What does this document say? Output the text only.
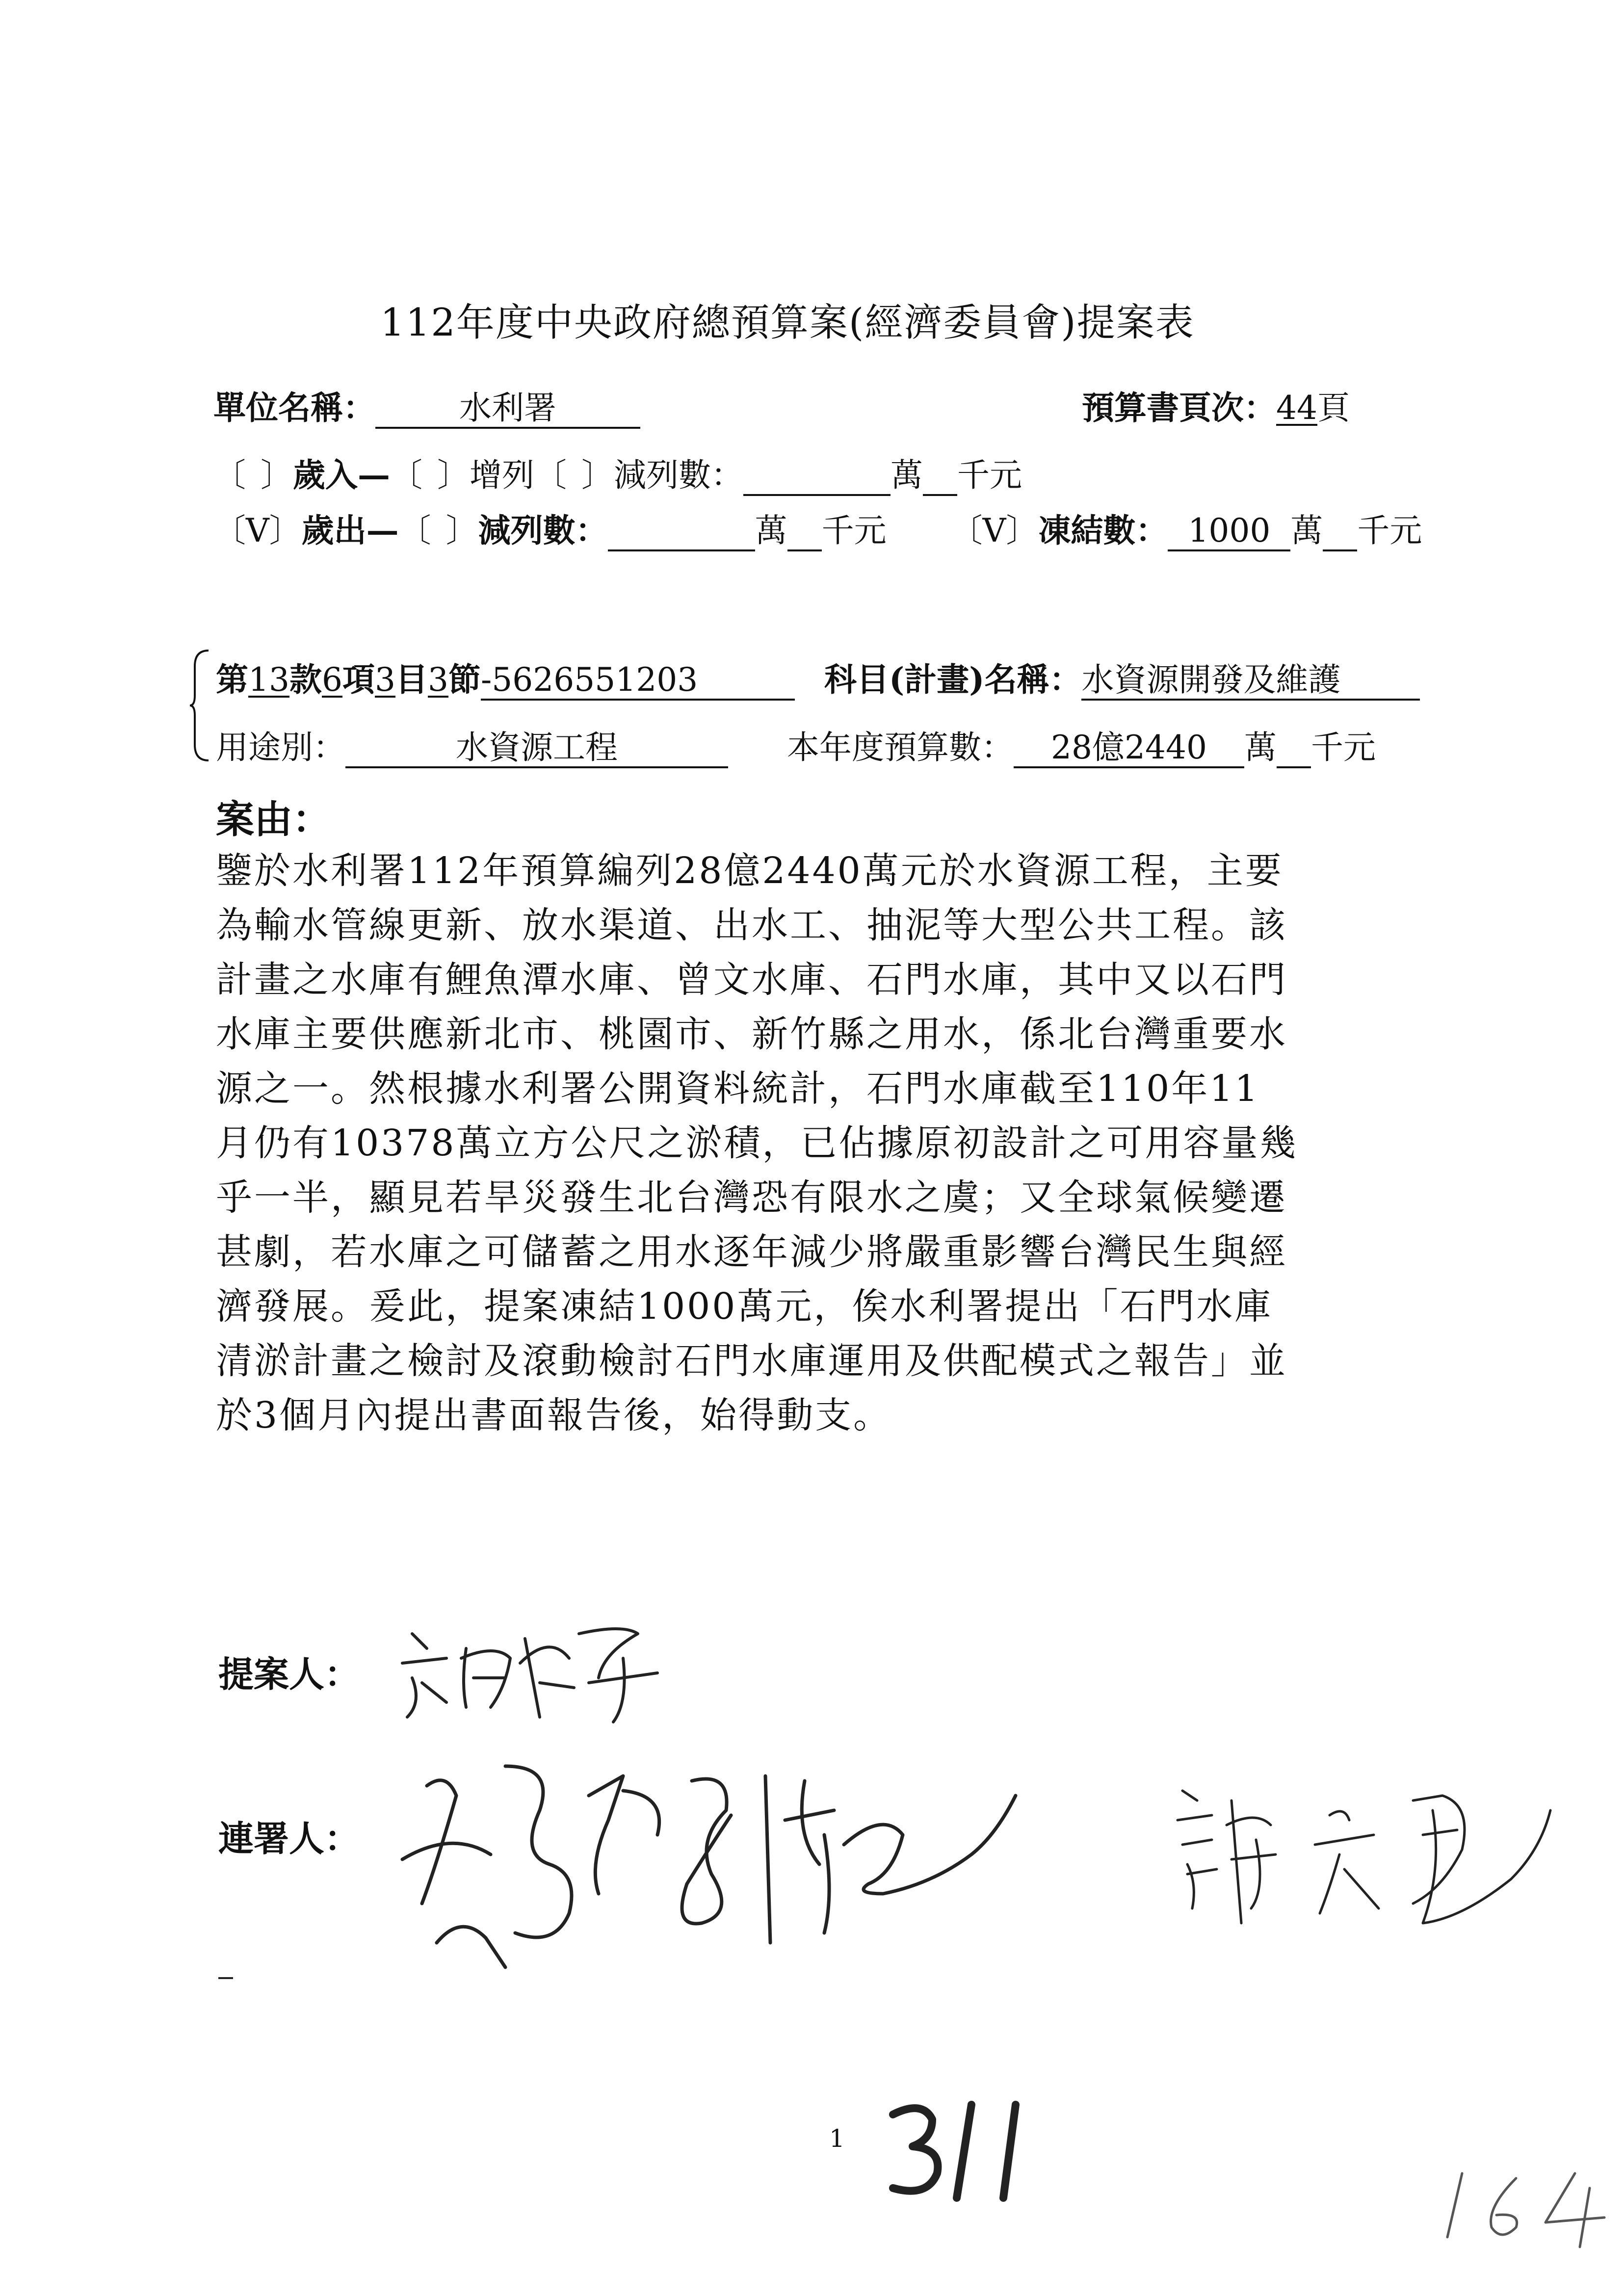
112年度中央政府總預算案(經濟委員會)提案表
單位名稱：	水利署	預算書頁次：44頁
〔 〕歲入—〔 〕增列〔 〕減列數：	萬 千元
〔V〕歲出—〔 〕減列數：	萬 千元 〔V〕凍結數： 1000 萬 千元
第13款6項3目3節-5626551203	科目(計畫)名稱：水資源開發及維護
用途別：	水資源工程	本年度預算數： 28億2440 萬 千元
案由：
鑒於水利署112年預算編列28億2440萬元於水資源工程，主要
為輸水管線更新、放水渠道、出水工、抽泥等大型公共工程。該
計畫之水庫有鯉魚潭水庫、曾文水庫、石門水庫，其中又以石門
水庫主要供應新北市、桃園市、新竹縣之用水，係北台灣重要水
源之一。然根據水利署公開資料統計，石門水庫截至110年11
月仍有10378萬立方公尺之淤積，已佔據原初設計之可用容量幾
乎一半，顯見若旱災發生北台灣恐有限水之虞；又全球氣候變遷
甚劇，若水庫之可儲蓄之用水逐年減少將嚴重影響台灣民生與經
濟發展。爰此，提案凍結1000萬元，俟水利署提出「石門水庫
清淤計畫之檢討及滾動檢討石門水庫運用及供配模式之報告」並
於3個月內提出書面報告後，始得動支。
提案人：
連署人：
1
